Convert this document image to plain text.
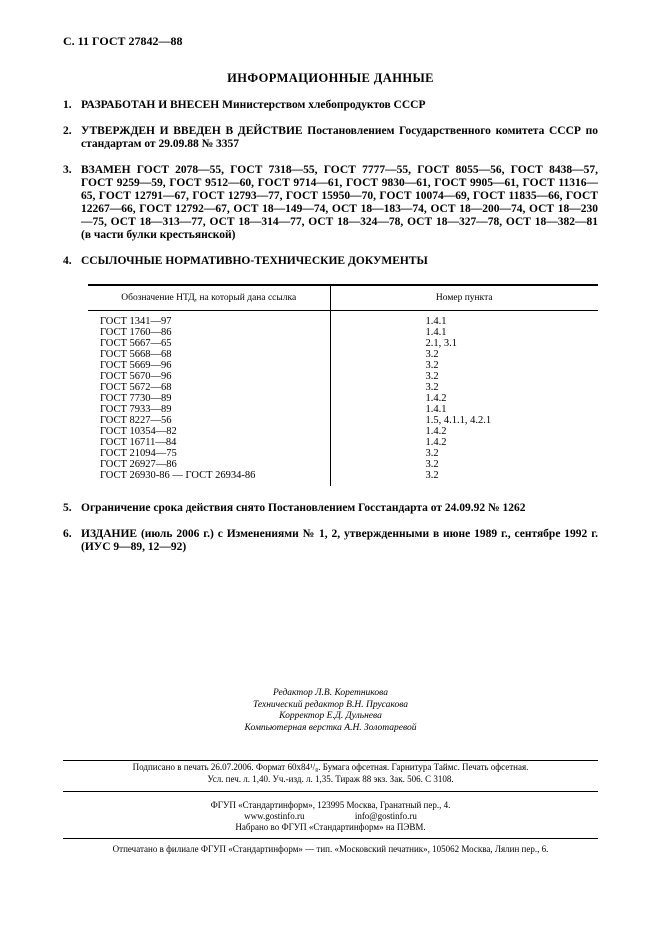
С. 11 ГОСТ 27842—88
ИНФОРМАЦИОННЫЕ ДАННЫЕ
1. РАЗРАБОТАН И ВНЕСЕН Министерством хлебопродуктов СССР
2. УТВЕРЖДЕН И ВВЕДЕН В ДЕЙСТВИЕ Постановлением Государственного комитета СССР по стандартам от 29.09.88 № 3357
3. ВЗАМЕН ГОСТ 2078—55, ГОСТ 7318—55, ГОСТ 7777—55, ГОСТ 8055—56, ГОСТ 8438—57, ГОСТ 9259—59, ГОСТ 9512—60, ГОСТ 9714—61, ГОСТ 9830—61, ГОСТ 9905—61, ГОСТ 11316—65, ГОСТ 12791—67, ГОСТ 12793—77, ГОСТ 15950—70, ГОСТ 10074—69, ГОСТ 11835—66, ГОСТ 12267—66, ГОСТ 12792—67, ОСТ 18—149—74, ОСТ 18—183—74, ОСТ 18—200—74, ОСТ 18—230—75, ОСТ 18—313—77, ОСТ 18—314—77, ОСТ 18—324—78, ОСТ 18—327—78, ОСТ 18—382—81 (в части булки крестьянской)
4. ССЫЛОЧНЫЕ НОРМАТИВНО-ТЕХНИЧЕСКИЕ ДОКУМЕНТЫ
Обозначение НТД, на который дана ссылка	Номер пункта
ГОСТ 1341—97	1.4.1
ГОСТ 1760—86	1.4.1
ГОСТ 5667—65	2.1, 3.1
ГОСТ 5668—68	3.2
ГОСТ 5669—96	3.2
ГОСТ 5670—96	3.2
ГОСТ 5672—68	3.2
ГОСТ 7730—89	1.4.2
ГОСТ 7933—89	1.4.1
ГОСТ 8227—56	1.5, 4.1.1, 4.2.1
ГОСТ 10354—82	1.4.2
ГОСТ 16711—84	1.4.2
ГОСТ 21094—75	3.2
ГОСТ 26927—86	3.2
ГОСТ 26930-86 — ГОСТ 26934-86	3.2
5. Ограничение срока действия снято Постановлением Госстандарта от 24.09.92 № 1262
6. ИЗДАНИЕ (июль 2006 г.) с Изменениями № 1, 2, утвержденными в июне 1989 г., сентябре 1992 г. (ИУС 9—89, 12—92)
Редактор Л.В. Коретникова
Технический редактор В.Н. Прусакова
Корректор Е.Д. Дульнева
Компьютерная верстка А.Н. Золотаревой
Подписано в печать 26.07.2006. Формат 60x84¹/₈. Бумага офсетная. Гарнитура Таймс. Печать офсетная.
Усл. печ. л. 1,40. Уч.-изд. л. 1,35. Тираж 88 экз. Зак. 506. С 3108.
ФГУП «Стандартинформ», 123995 Москва, Гранатный пер., 4.
www.gostinfo.ru	info@gostinfo.ru
Набрано во ФГУП «Стандартинформ» на ПЭВМ.
Отпечатано в филиале ФГУП «Стандартинформ» — тип. «Московский печатник», 105062 Москва, Лялин пер., 6.
